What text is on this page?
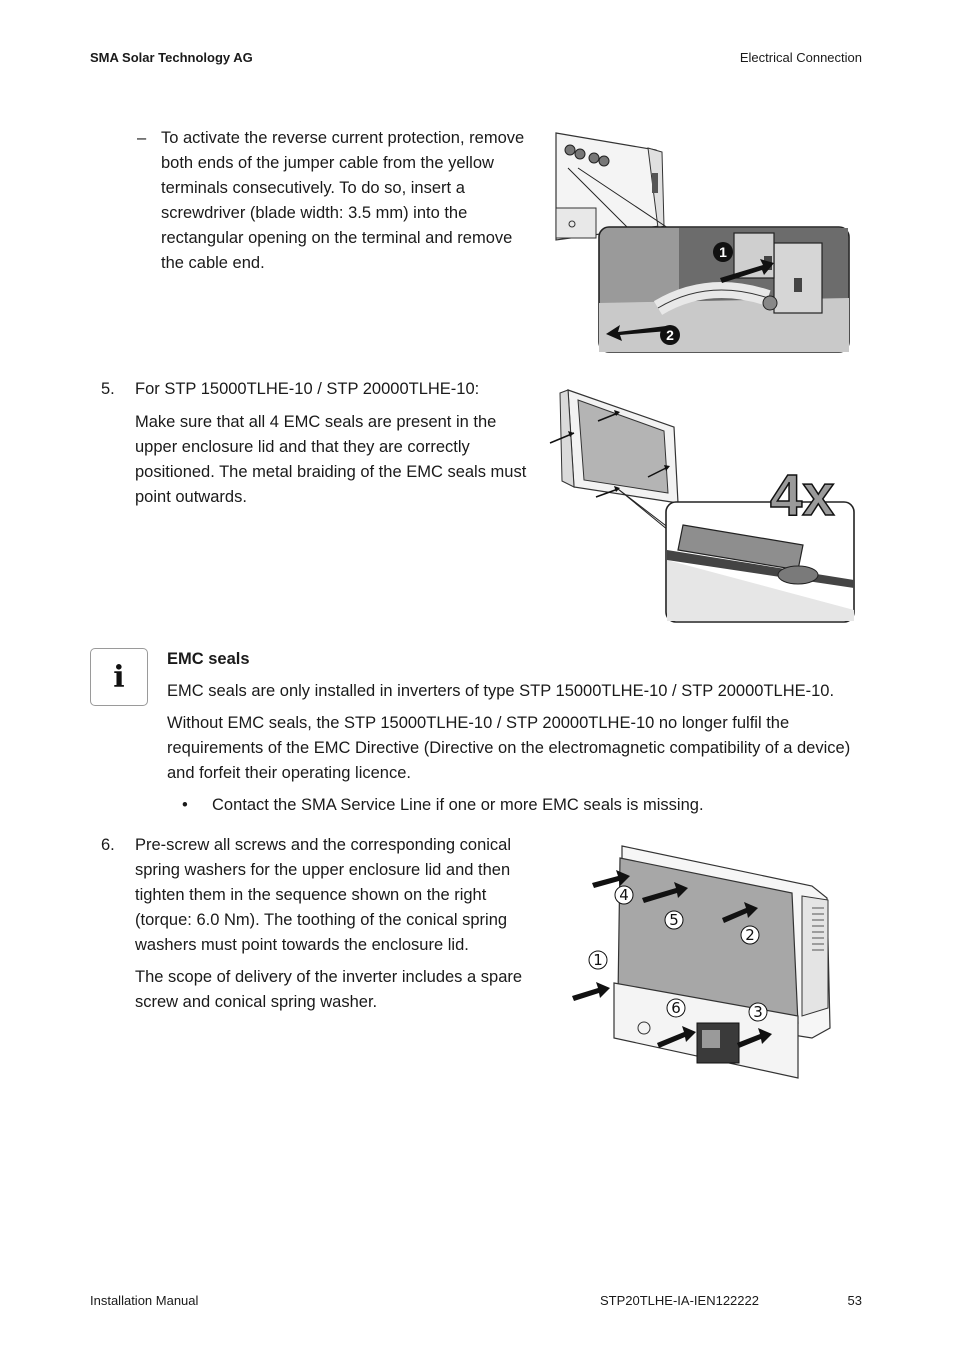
SMA Solar Technology AG	Electrical Connection
– To activate the reverse current protection, remove both ends of the jumper cable from the yellow terminals consecutively. To do so, insert a screwdriver (blade width: 3.5 mm) into the rectangular opening on the terminal and remove the cable end.
1
2
5.	For STP 15000TLHE-10 / STP 20000TLHE-10:

Make sure that all 4 EMC seals are present in the upper enclosure lid and that they are correctly positioned. The metal braiding of the EMC seals must point outwards.	4x
i

EMC seals

EMC seals are only installed in inverters of type STP 15000TLHE-10 / STP 20000TLHE-10.

Without EMC seals, the STP 15000TLHE-10 / STP 20000TLHE-10 no longer fulfil the requirements of the EMC Directive (Directive on the electromagnetic compatibility of a device) and forfeit their operating licence.

• Contact the SMA Service Line if one or more EMC seals is missing.
6.	Pre-screw all screws and the corresponding conical spring washers for the upper enclosure lid and then tighten them in the sequence shown on the right (torque: 6.0 Nm). The toothing of the conical spring washers must point towards the enclosure lid.

The scope of delivery of the inverter includes a spare screw and conical spring washer.

1
2
3
4
5
6
Installation Manual	STP20TLHE-IA-IEN122222	53
